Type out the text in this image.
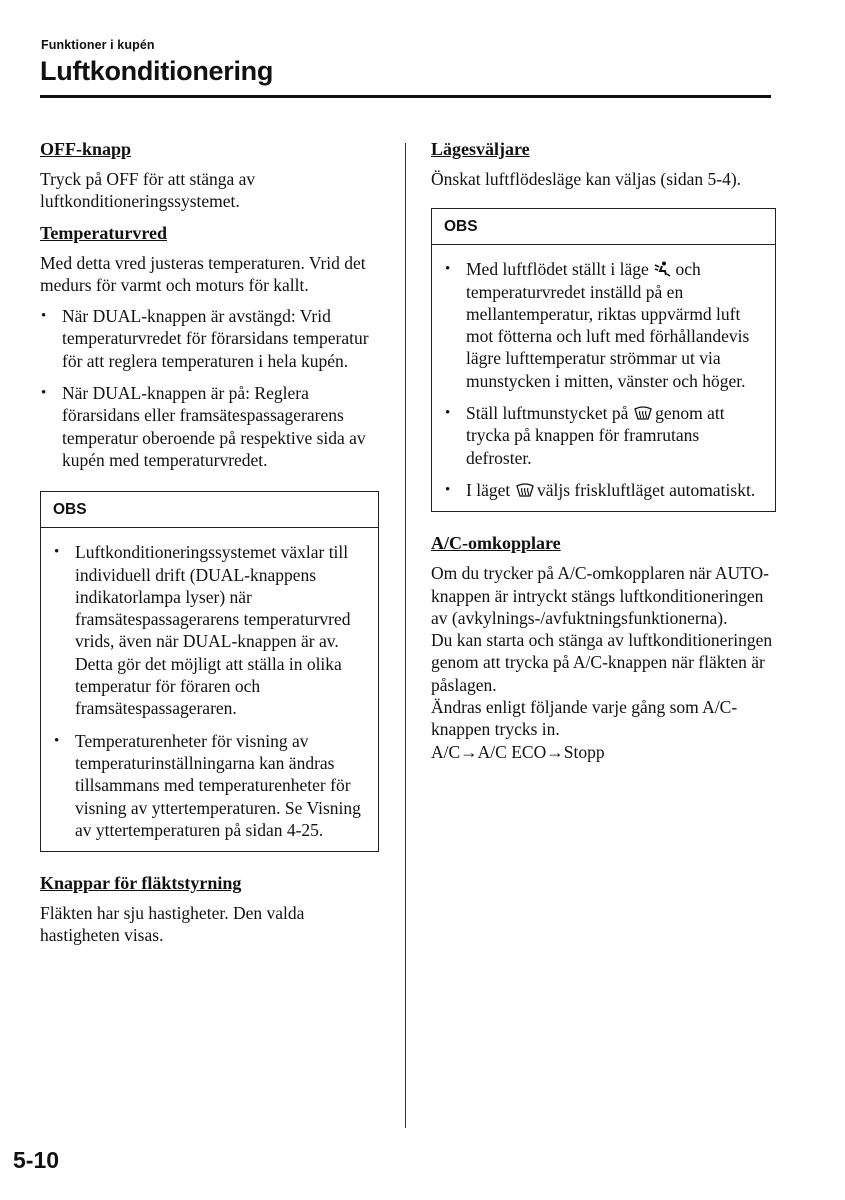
Funktioner i kupén
Luftkonditionering
OFF-knapp

Tryck på OFF för att stänga av luftkonditioneringssystemet.

Temperaturvred

Med detta vred justeras temperaturen. Vrid det medurs för varmt och moturs för kallt.

• När DUAL-knappen är avstängd: Vrid temperaturvredet för förarsidans temperatur för att reglera temperaturen i hela kupén.
• När DUAL-knappen är på: Reglera förarsidans eller framsätespassagerarens temperatur oberoende på respektive sida av kupén med temperaturvredet.
OBS
• Luftkonditioneringssystemet växlar till individuell drift (DUAL-knappens indikatorlampa lyser) när framsätespassagerarens temperaturvred vrids, även när DUAL-knappen är av. Detta gör det möjligt att ställa in olika temperatur för föraren och framsätespassageraren.
• Temperaturenheter för visning av temperaturinställningarna kan ändras tillsammans med temperaturenheter för visning av yttertemperaturen. Se Visning av yttertemperaturen på sidan 4-25.
Knappar för fläktstyrning

Fläkten har sju hastigheter. Den valda hastigheten visas.

Lägesväljare

Önskat luftflödesläge kan väljas (sidan 5-4).

OBS
• Med luftflödet ställt i läge och temperaturvredet inställd på en mellantemperatur, riktas uppvärmd luft mot fötterna och luft med förhållandevis lägre lufttemperatur strömmar ut via munstycken i mitten, vänster och höger.
• Ställ luftmunstycket på genom att trycka på knappen för framrutans defroster.
• I läget väljs friskluftläget automatiskt.
A/C-omkopplare

Om du trycker på A/C-omkopplaren när AUTO-knappen är intryckt stängs luftkonditioneringen av (avkylnings-/avfuktningsfunktionerna).

Du kan starta och stänga av luftkonditioneringen genom att trycka på A/C-knappen när fläkten är påslagen.

Ändras enligt följande varje gång som A/C-knappen trycks in.

A/C→A/C ECO→Stopp

5-10
